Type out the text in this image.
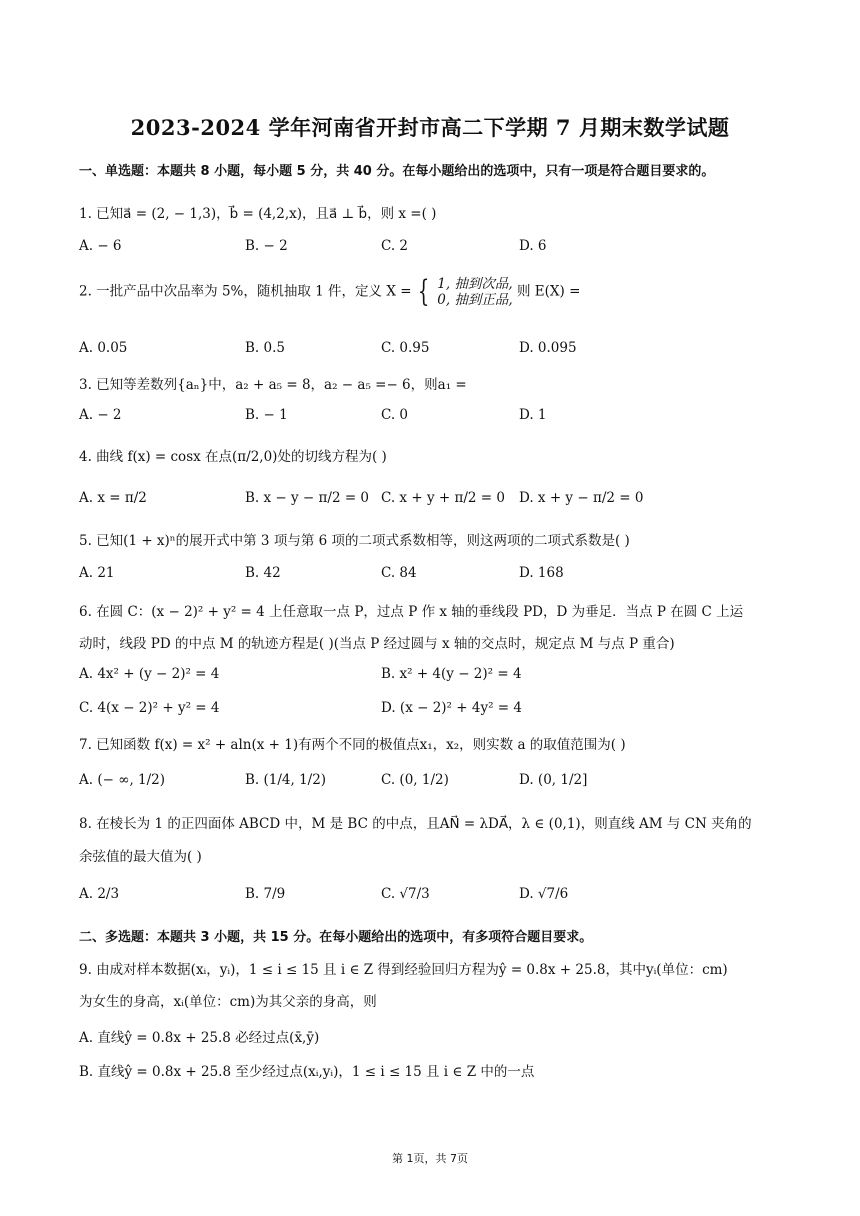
2023-2024 学年河南省开封市高二下学期 7 月期末数学试题
一、单选题：本题共 8 小题，每小题 5 分，共 40 分。在每小题给出的选项中，只有一项是符合题目要求的。
1. 已知a⃗ = (2, − 1,3)，b⃗ = (4,2,x)，且a⃗ ⊥ b⃗，则 x =( )
A. − 6	B. − 2	C. 2	D. 6
2. 一批产品中次品率为 5%，随机抽取 1 件，定义 X = { 1, 抽到次品,
0, 抽到正品,
则 E(X) =
A. 0.05	B. 0.5	C. 0.95	D. 0.095
3. 已知等差数列{aₙ}中，a₂ + a₅ = 8，a₂ − a₅ =− 6，则a₁ =
A. − 2	B. − 1	C. 0	D. 1
4. 曲线 f(x) = cosx 在点(π/2,0)处的切线方程为( )
A. x = π/2	B. x − y − π/2 = 0 C. x + y + π/2 = 0 D. x + y − π/2 = 0
5. 已知(1 + x)ⁿ的展开式中第 3 项与第 6 项的二项式系数相等，则这两项的二项式系数是( )
A. 21	B. 42	C. 84	D. 168
6. 在圆 C：(x − 2)² + y² = 4 上任意取一点 P，过点 P 作 x 轴的垂线段 PD，D 为垂足．当点 P 在圆 C 上运
动时，线段 PD 的中点 M 的轨迹方程是( )(当点 P 经过圆与 x 轴的交点时，规定点 M 与点 P 重合)
A. 4x² + (y − 2)² = 4	B. x² + 4(y − 2)² = 4
C. 4(x − 2)² + y² = 4	D. (x − 2)² + 4y² = 4
7. 已知函数 f(x) = x² + aln(x + 1)有两个不同的极值点x₁，x₂，则实数 a 的取值范围为( )
A. (− ∞, 1/2)	B. (1/4, 1/2)	C. (0, 1/2)	D. (0, 1/2]
8. 在棱长为 1 的正四面体 ABCD 中，M 是 BC 的中点，且AN⃗ = λDA⃗，λ ∈ (0,1)，则直线 AM 与 CN 夹角的
余弦值的最大值为( )
A. 2/3	B. 7/9	C. √7/3	D. √7/6
二、多选题：本题共 3 小题，共 15 分。在每小题给出的选项中，有多项符合题目要求。
9. 由成对样本数据(xᵢ，yᵢ)，1 ≤ i ≤ 15 且 i ∈ Z 得到经验回归方程为ŷ = 0.8x + 25.8，其中yᵢ(单位：cm)
为女生的身高，xᵢ(单位：cm)为其父亲的身高，则
A. 直线ŷ = 0.8x + 25.8 必经过点(x̄,ȳ)
B. 直线ŷ = 0.8x + 25.8 至少经过点(xᵢ,yᵢ)，1 ≤ i ≤ 15 且 i ∈ Z 中的一点
第 1页，共 7页
